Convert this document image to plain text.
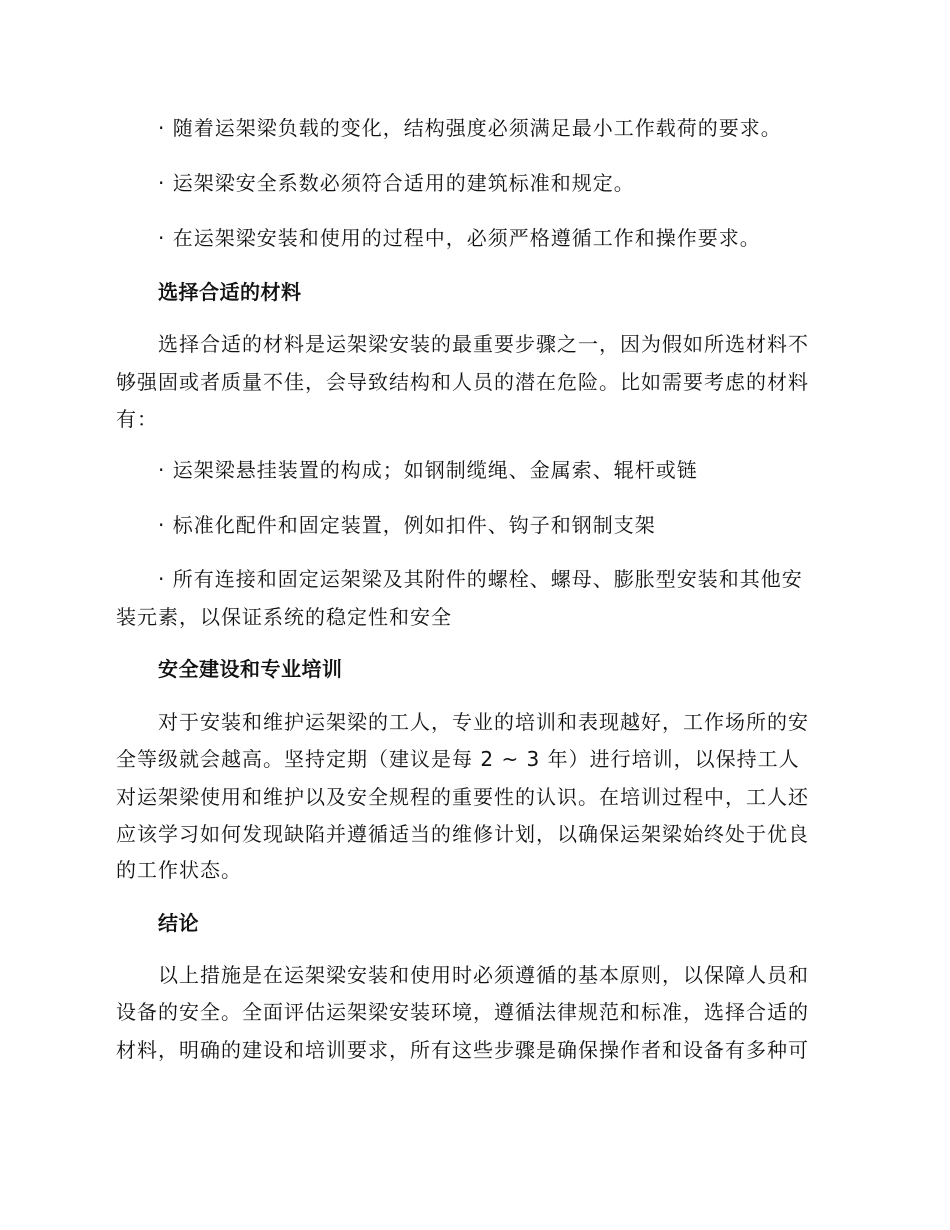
· 随着运架梁负载的变化，结构强度必须满足最小工作载荷的要求。
· 运架梁安全系数必须符合适用的建筑标准和规定。
· 在运架梁安装和使用的过程中，必须严格遵循工作和操作要求。
选择合适的材料
选择合适的材料是运架梁安装的最重要步骤之一，因为假如所选材料不
够强固或者质量不佳，会导致结构和人员的潜在危险。比如需要考虑的材料
有：
· 运架梁悬挂装置的构成；如钢制缆绳、金属索、辊杆或链
· 标准化配件和固定装置，例如扣件、钩子和钢制支架
· 所有连接和固定运架梁及其附件的螺栓、螺母、膨胀型安装和其他安
装元素，以保证系统的稳定性和安全
安全建设和专业培训
对于安装和维护运架梁的工人，专业的培训和表现越好，工作场所的安
全等级就会越高。坚持定期（建议是每 2 ~ 3 年）进行培训，以保持工人
对运架梁使用和维护以及安全规程的重要性的认识。在培训过程中，工人还
应该学习如何发现缺陷并遵循适当的维修计划，以确保运架梁始终处于优良
的工作状态。
结论
以上措施是在运架梁安装和使用时必须遵循的基本原则，以保障人员和
设备的安全。全面评估运架梁安装环境，遵循法律规范和标准，选择合适的
材料，明确的建设和培训要求，所有这些步骤是确保操作者和设备有多种可
